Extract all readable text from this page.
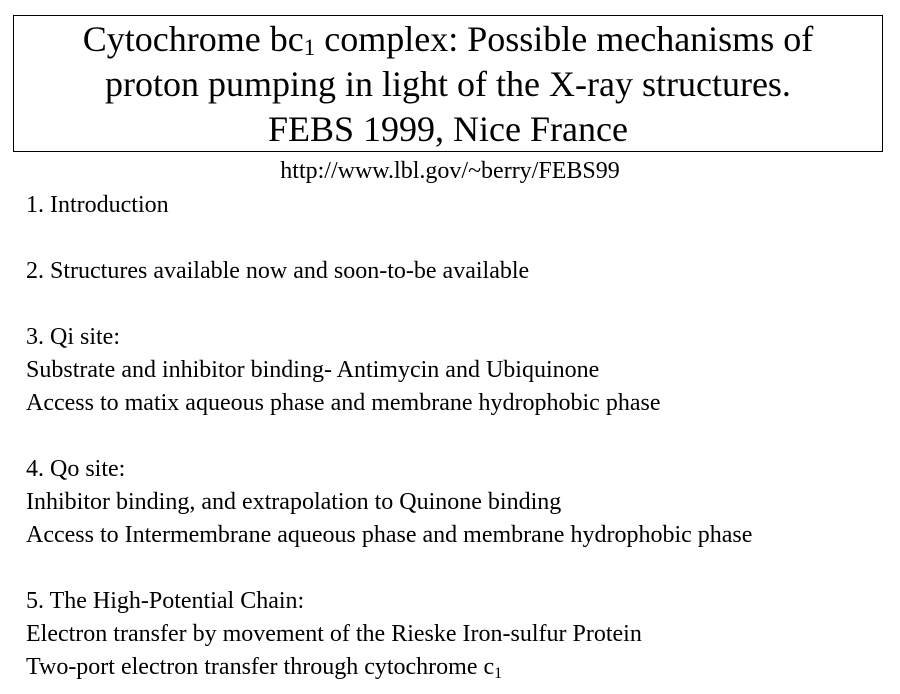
Cytochrome $bc_1$ complex: Possible mechanisms of
proton pumping in light of the X-ray structures.
FEBS 1999, Nice France
http://www.lbl.gov/~berry/FEBS99
1. Introduction
2. Structures available now and soon-to-be available
3. Qi site:
Substrate and inhibitor binding- Antimycin and Ubiquinone
Access to matix aqueous phase and membrane hydrophobic phase
4. Qo site:
Inhibitor binding, and extrapolation to Quinone binding
Access to Intermembrane aqueous phase and membrane hydrophobic phase
5. The High-Potential Chain:
Electron transfer by movement of the Rieske Iron-sulfur Protein
Two-port electron transfer through cytochrome $c_1$
